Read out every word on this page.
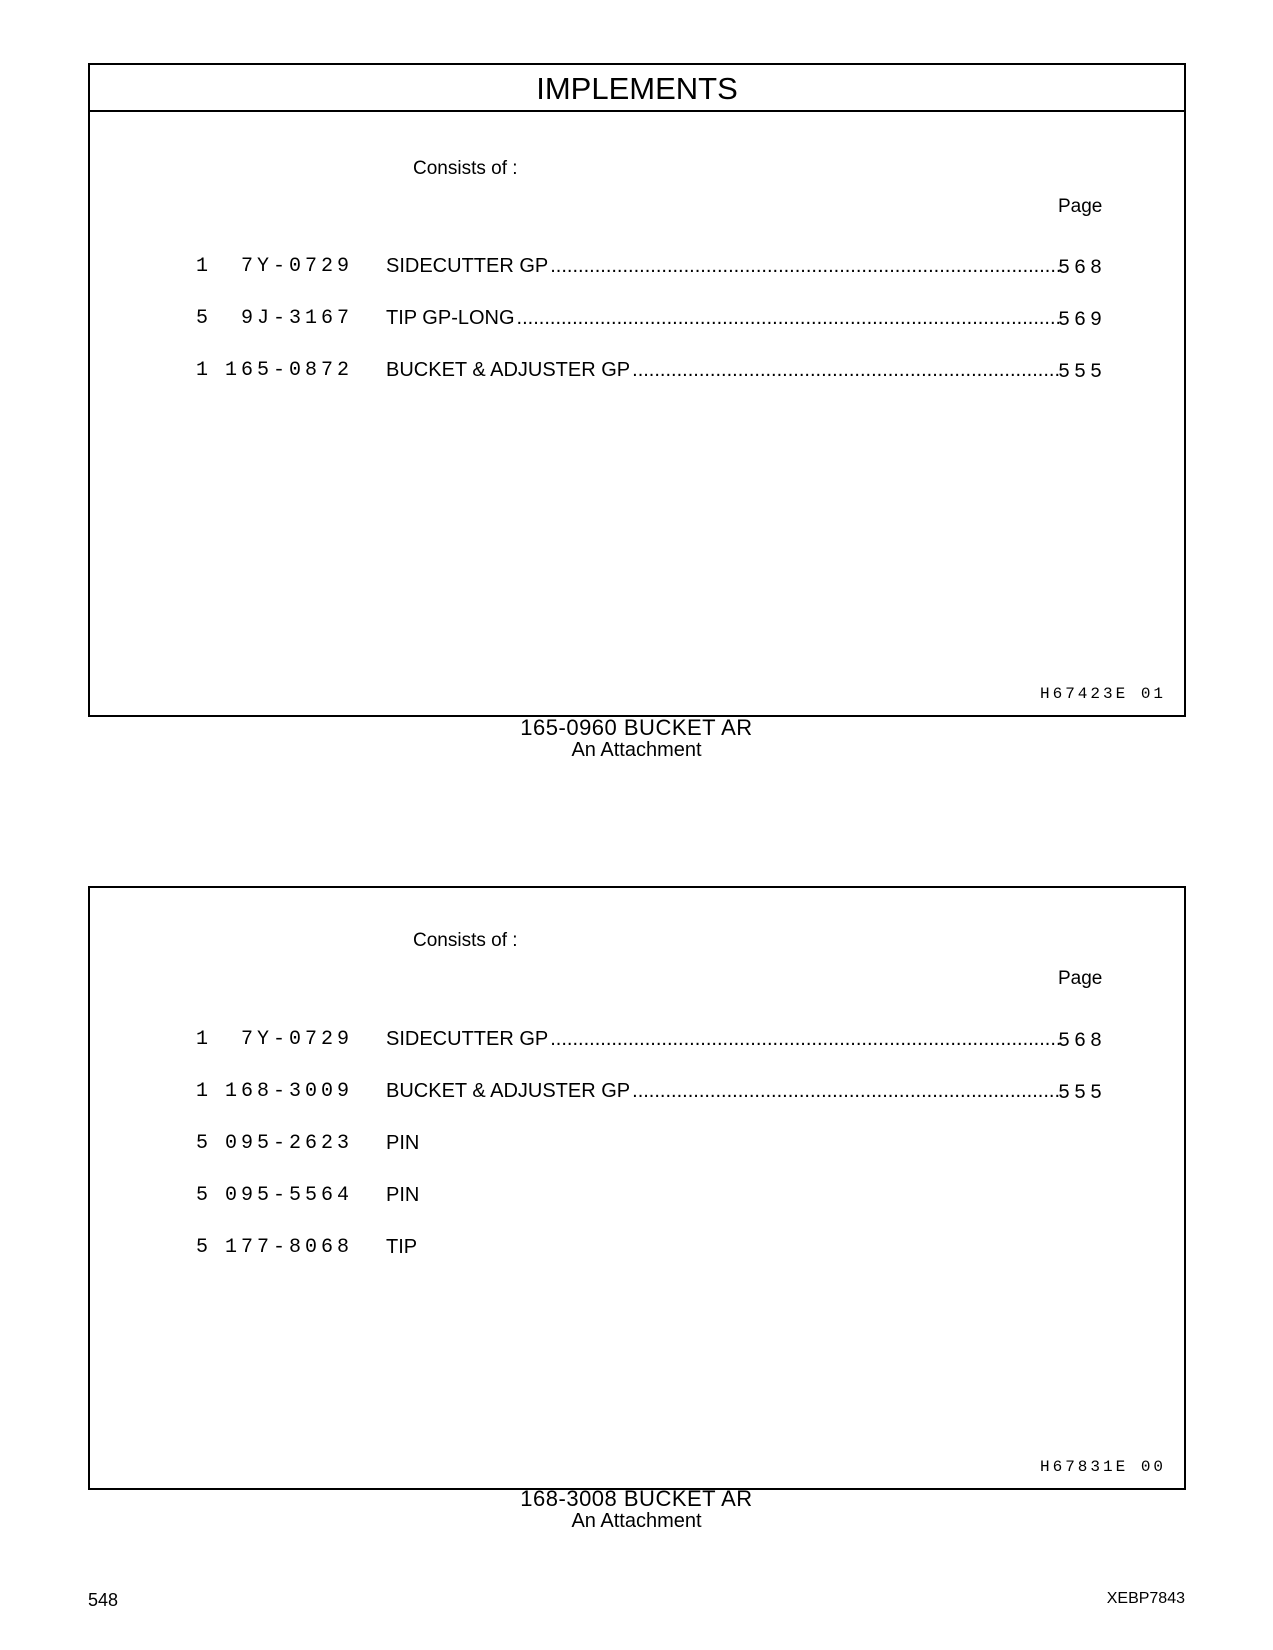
IMPLEMENTS
Consists of :
Page
1	7Y-0729 SIDECUTTER GP .....	568
5	9J-3167 TIP GP-LONG .....	569
1 165-0872 BUCKET & ADJUSTER GP .....	555
H67423E 01
165-0960 BUCKET AR
An Attachment
Consists of :
Page
1	7Y-0729 SIDECUTTER GP .....	568
1 168-3009 BUCKET & ADJUSTER GP .....	555
5 095-2623 PIN
5 095-5564 PIN
5 177-8068 TIP
H67831E 00
168-3008 BUCKET AR
An Attachment
548	XEBP7843
